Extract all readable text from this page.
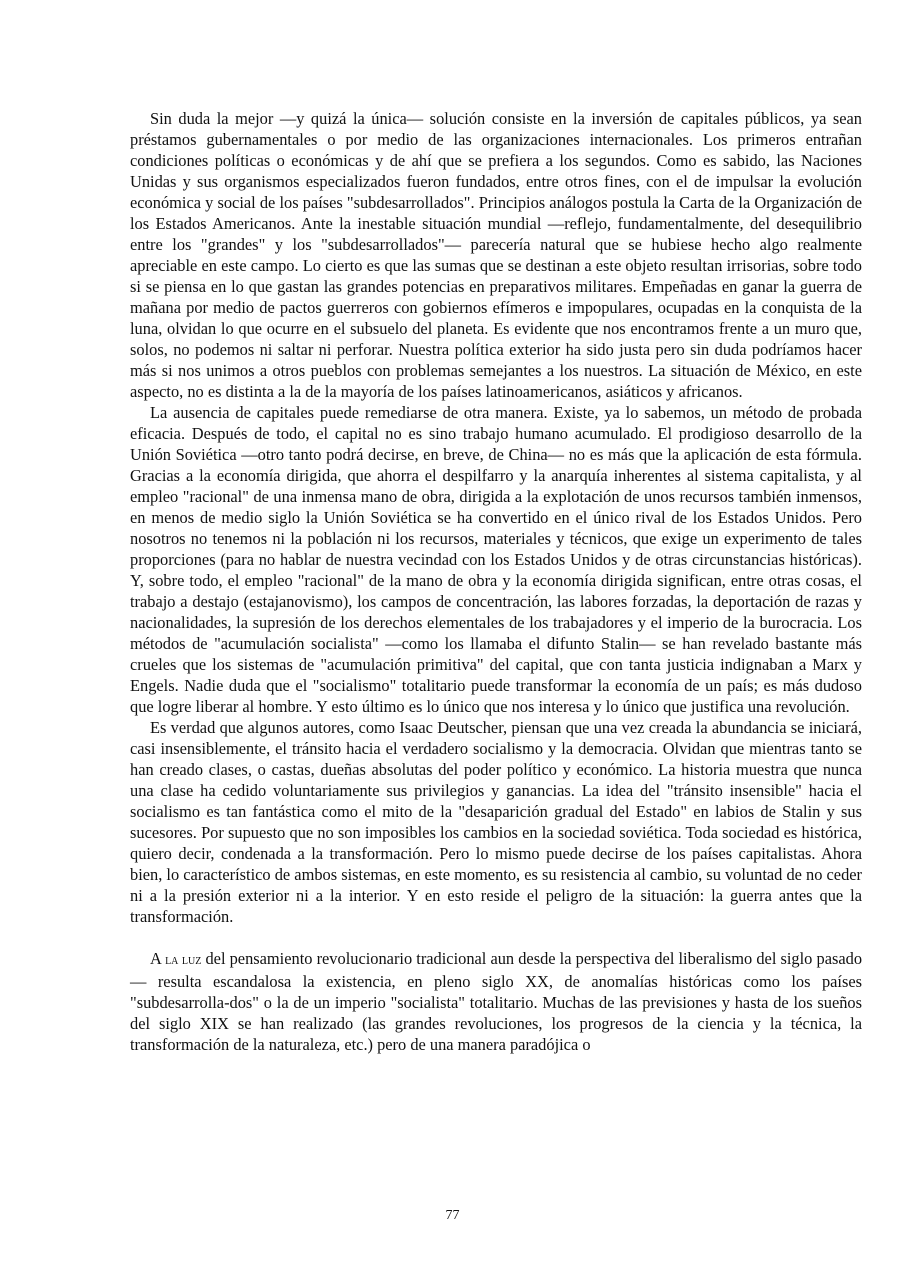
Sin duda la mejor —y quizá la única— solución consiste en la inversión de capitales públicos, ya sean préstamos gubernamentales o por medio de las organizaciones internacionales. Los primeros entrañan condiciones políticas o económicas y de ahí que se prefiera a los segundos. Como es sabido, las Naciones Unidas y sus organismos especializados fueron fundados, entre otros fines, con el de impulsar la evolución económica y social de los países "subdesarrollados". Principios análogos postula la Carta de la Organización de los Estados Americanos. Ante la inestable situación mundial —reflejo, fundamentalmente, del desequilibrio entre los "grandes" y los "subdesarrollados"— parecería natural que se hubiese hecho algo realmente apreciable en este campo. Lo cierto es que las sumas que se destinan a este objeto resultan irrisorias, sobre todo si se piensa en lo que gastan las grandes potencias en preparativos militares. Empeñadas en ganar la guerra de mañana por medio de pactos guerreros con gobiernos efímeros e impopulares, ocupadas en la conquista de la luna, olvidan lo que ocurre en el subsuelo del planeta. Es evidente que nos encontramos frente a un muro que, solos, no podemos ni saltar ni perforar. Nuestra política exterior ha sido justa pero sin duda podríamos hacer más si nos unimos a otros pueblos con problemas semejantes a los nuestros. La situación de México, en este aspecto, no es distinta a la de la mayoría de los países latinoamericanos, asiáticos y africanos.

La ausencia de capitales puede remediarse de otra manera. Existe, ya lo sabemos, un método de probada eficacia. Después de todo, el capital no es sino trabajo humano acumulado. El prodigioso desarrollo de la Unión Soviética —otro tanto podrá decirse, en breve, de China— no es más que la aplicación de esta fórmula. Gracias a la economía dirigida, que ahorra el despilfarro y la anarquía inherentes al sistema capitalista, y al empleo "racional" de una inmensa mano de obra, dirigida a la explotación de unos recursos también inmensos, en menos de medio siglo la Unión Soviética se ha convertido en el único rival de los Estados Unidos. Pero nosotros no tenemos ni la población ni los recursos, materiales y técnicos, que exige un experimento de tales proporciones (para no hablar de nuestra vecindad con los Estados Unidos y de otras circunstancias históricas). Y, sobre todo, el empleo "racional" de la mano de obra y la economía dirigida significan, entre otras cosas, el trabajo a destajo (estajanovismo), los campos de concentración, las labores forzadas, la deportación de razas y nacionalidades, la supresión de los derechos elementales de los trabajadores y el imperio de la burocracia. Los métodos de "acumulación socialista" —como los llamaba el difunto Stalin— se han revelado bastante más crueles que los sistemas de "acumulación primitiva" del capital, que con tanta justicia indignaban a Marx y Engels. Nadie duda que el "socialismo" totalitario puede transformar la economía de un país; es más dudoso que logre liberar al hombre. Y esto último es lo único que nos interesa y lo único que justifica una revolución.

Es verdad que algunos autores, como Isaac Deutscher, piensan que una vez creada la abundancia se iniciará, casi insensiblemente, el tránsito hacia el verdadero socialismo y la democracia. Olvidan que mientras tanto se han creado clases, o castas, dueñas absolutas del poder político y económico. La historia muestra que nunca una clase ha cedido voluntariamente sus privilegios y ganancias. La idea del "tránsito insensible" hacia el socialismo es tan fantástica como el mito de la "desaparición gradual del Estado" en labios de Stalin y sus sucesores. Por supuesto que no son imposibles los cambios en la sociedad soviética. Toda sociedad es histórica, quiero decir, condenada a la transformación. Pero lo mismo puede decirse de los países capitalistas. Ahora bien, lo característico de ambos sistemas, en este momento, es su resistencia al cambio, su voluntad de no ceder ni a la presión exterior ni a la interior. Y en esto reside el peligro de la situación: la guerra antes que la transformación.

A la luz del pensamiento revolucionario tradicional aun desde la perspectiva del liberalismo del siglo pasado— resulta escandalosa la existencia, en pleno siglo XX, de anomalías históricas como los países "subdesarrolla-dos" o la de un imperio "socialista" totalitario. Muchas de las previsiones y hasta de los sueños del siglo XIX se han realizado (las grandes revoluciones, los progresos de la ciencia y la técnica, la transformación de la naturaleza, etc.) pero de una manera paradójica o

77
